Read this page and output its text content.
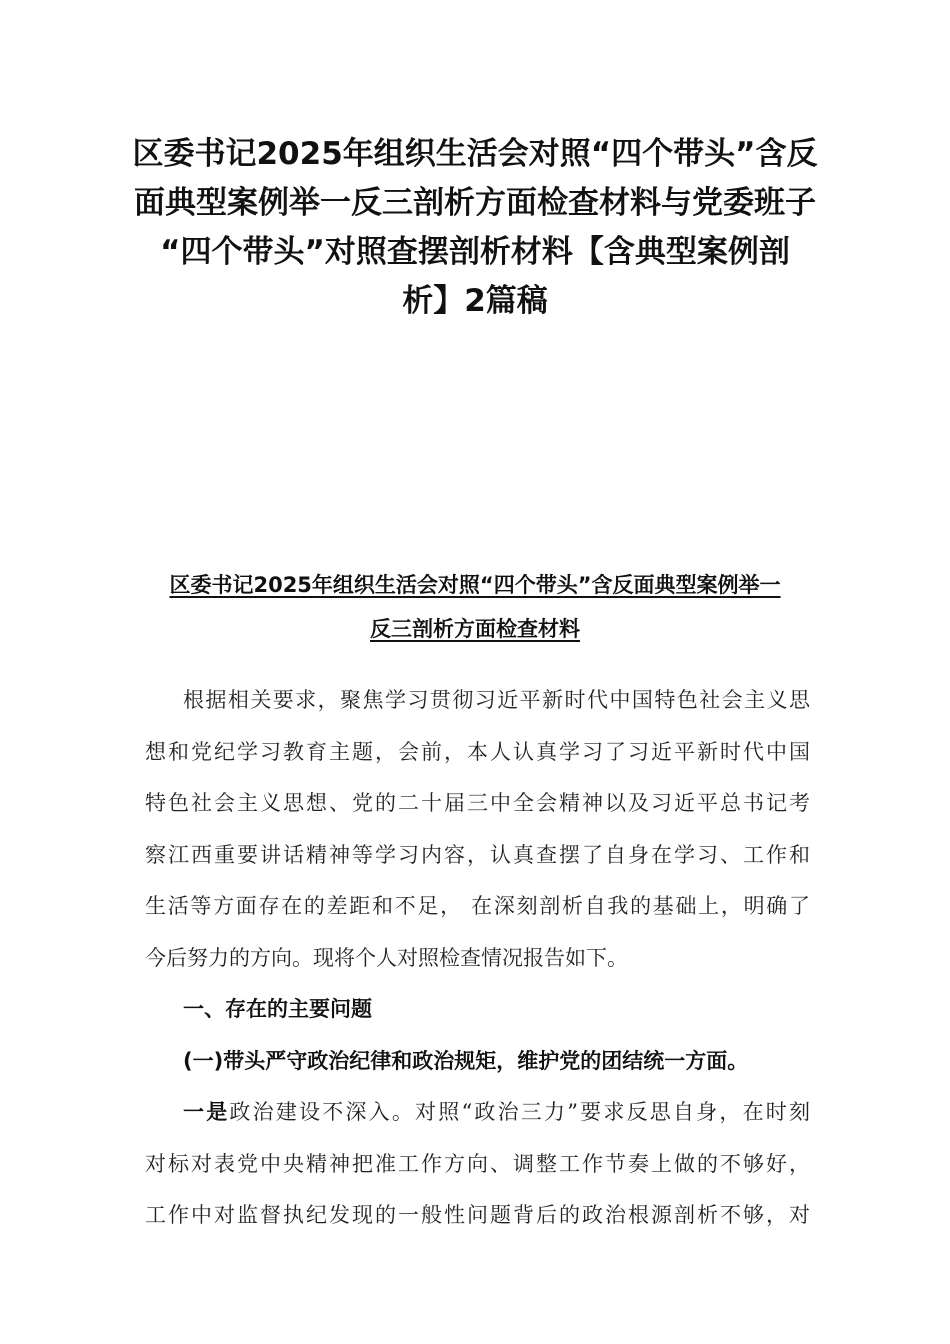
区委书记2025年组织生活会对照“四个带头”含反
面典型案例举一反三剖析方面检查材料与党委班子
“四个带头”对照查摆剖析材料【含典型案例剖
析】2篇稿
区委书记2025年组织生活会对照“四个带头”含反面典型案例举一
反三剖析方面检查材料
根据相关要求，聚焦学习贯彻习近平新时代中国特色社会主义思
想和党纪学习教育主题，会前，本人认真学习了习近平新时代中国
特色社会主义思想、党的二十届三中全会精神以及习近平总书记考
察江西重要讲话精神等学习内容，认真查摆了自身在学习、工作和
生活等方面存在的差距和不足， 在深刻剖析自我的基础上，明确了
今后努力的方向。现将个人对照检查情况报告如下。
一、存在的主要问题
(一)带头严守政治纪律和政治规矩，维护党的团结统一方面。
一是政治建设不深入。对照“政治三力”要求反思自身，在时刻
对标对表党中央精神把准工作方向、调整工作节奏上做的不够好，
工作中对监督执纪发现的一般性问题背后的政治根源剖析不够，对
